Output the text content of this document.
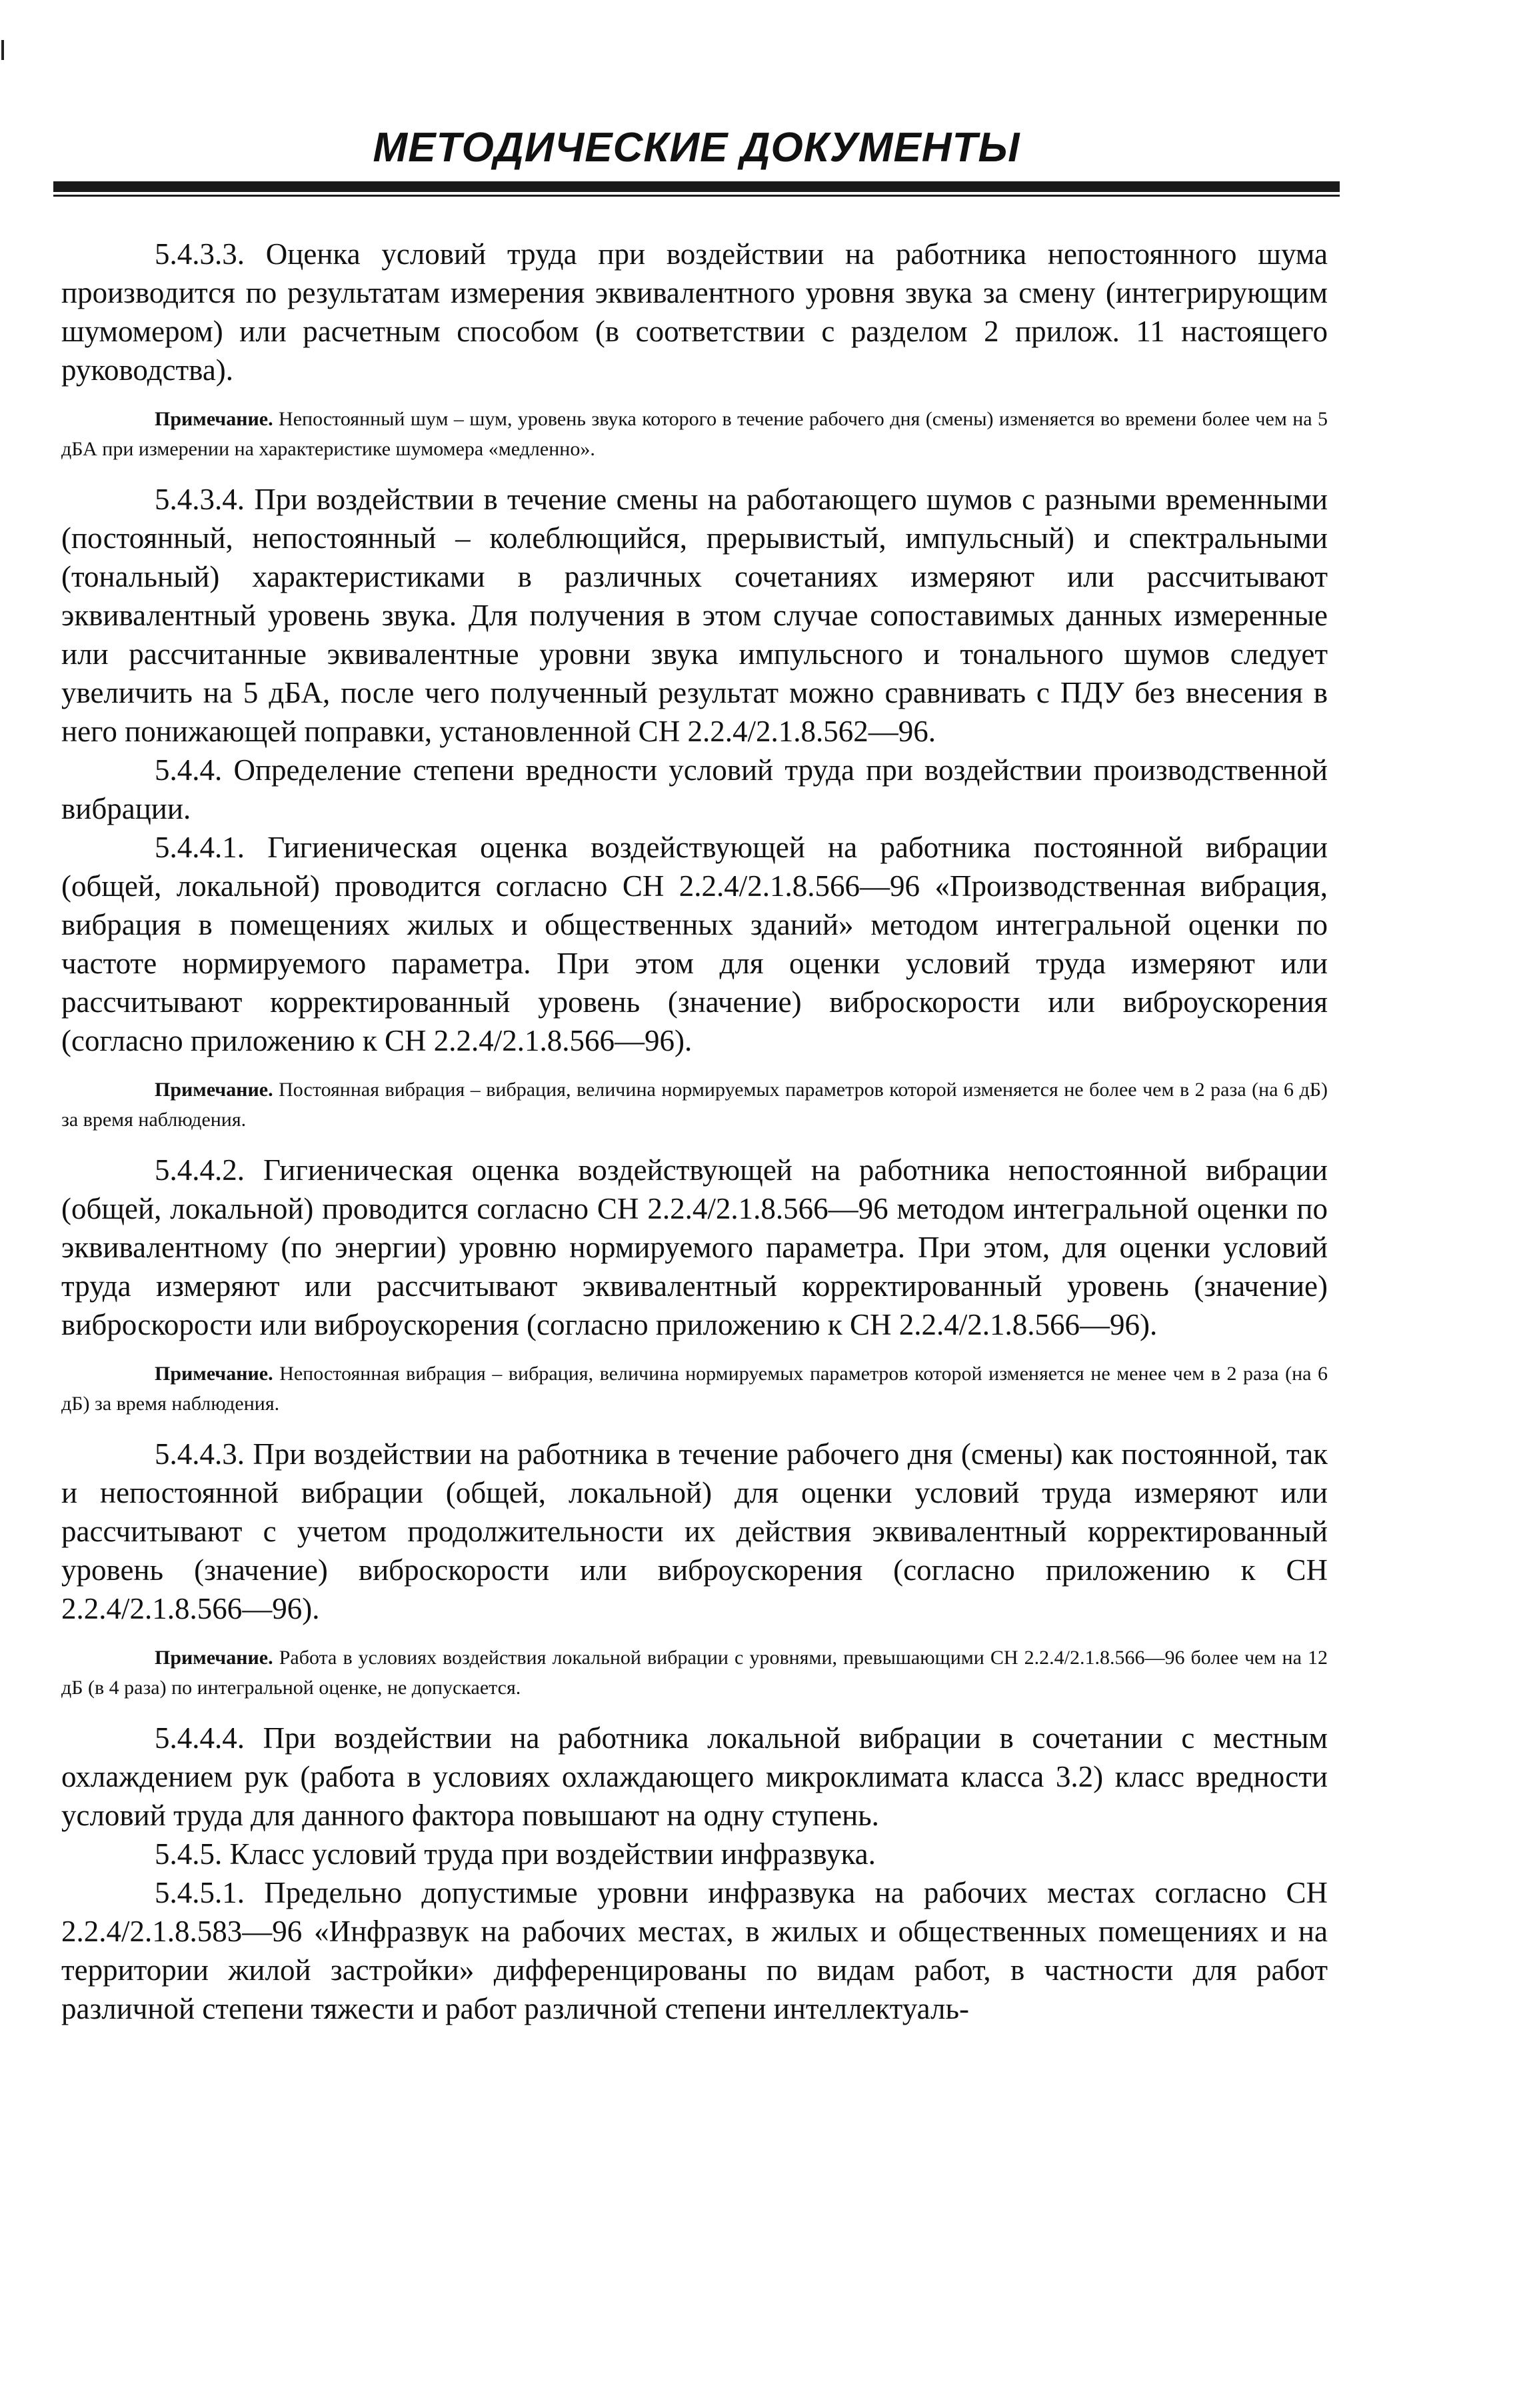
МЕТОДИЧЕСКИЕ ДОКУМЕНТЫ

5.4.3.3. Оценка условий труда при воздействии на работника непостоянного шума производится по результатам измерения эквивалентного уровня звука за смену (интегрирующим шумомером) или расчетным способом (в соответствии с разделом 2 прилож. 11 настоящего руководства).

Примечание. Непостоянный шум – шум, уровень звука которого в течение рабочего дня (смены) изменяется во времени более чем на 5 дБА при измерении на характеристике шумомера «медленно».

5.4.3.4. При воздействии в течение смены на работающего шумов с разными временными (постоянный, непостоянный – колеблющийся, прерывистый, импульсный) и спектральными (тональный) характеристиками в различных сочетаниях измеряют или рассчитывают эквивалентный уровень звука. Для получения в этом случае сопоставимых данных измеренные или рассчитанные эквивалентные уровни звука импульсного и тонального шумов следует увеличить на 5 дБА, после чего полученный результат можно сравнивать с ПДУ без внесения в него понижающей поправки, установленной СН 2.2.4/2.1.8.562—96.

5.4.4. Определение степени вредности условий труда при воздействии производственной вибрации.

5.4.4.1. Гигиеническая оценка воздействующей на работника постоянной вибрации (общей, локальной) проводится согласно СН 2.2.4/2.1.8.566—96 «Производственная вибрация, вибрация в помещениях жилых и общественных зданий» методом интегральной оценки по частоте нормируемого параметра. При этом для оценки условий труда измеряют или рассчитывают корректированный уровень (значение) виброскорости или виброускорения (согласно приложению к СН 2.2.4/2.1.8.566—96).

Примечание. Постоянная вибрация – вибрация, величина нормируемых параметров которой изменяется не более чем в 2 раза (на 6 дБ) за время наблюдения.

5.4.4.2. Гигиеническая оценка воздействующей на работника непостоянной вибрации (общей, локальной) проводится согласно СН 2.2.4/2.1.8.566—96 методом интегральной оценки по эквивалентному (по энергии) уровню нормируемого параметра. При этом, для оценки условий труда измеряют или рассчитывают эквивалентный корректированный уровень (значение) виброскорости или виброускорения (согласно приложению к СН 2.2.4/2.1.8.566—96).

Примечание. Непостоянная вибрация – вибрация, величина нормируемых параметров которой изменяется не менее чем в 2 раза (на 6 дБ) за время наблюдения.

5.4.4.3. При воздействии на работника в течение рабочего дня (смены) как постоянной, так и непостоянной вибрации (общей, локальной) для оценки условий труда измеряют или рассчитывают с учетом продолжительности их действия эквивалентный корректированный уровень (значение) виброскорости или виброускорения (согласно приложению к СН 2.2.4/2.1.8.566—96).

Примечание. Работа в условиях воздействия локальной вибрации с уровнями, превышающими СН 2.2.4/2.1.8.566—96 более чем на 12 дБ (в 4 раза) по интегральной оценке, не допускается.

5.4.4.4. При воздействии на работника локальной вибрации в сочетании с местным охлаждением рук (работа в условиях охлаждающего микроклимата класса 3.2) класс вредности условий труда для данного фактора повышают на одну ступень.

5.4.5. Класс условий труда при воздействии инфразвука.

5.4.5.1. Предельно допустимые уровни инфразвука на рабочих местах согласно СН 2.2.4/2.1.8.583—96 «Инфразвук на рабочих местах, в жилых и общественных помещениях и на территории жилой застройки» дифференцированы по видам работ, в частности для работ различной степени тяжести и работ различной степени интеллектуаль-
